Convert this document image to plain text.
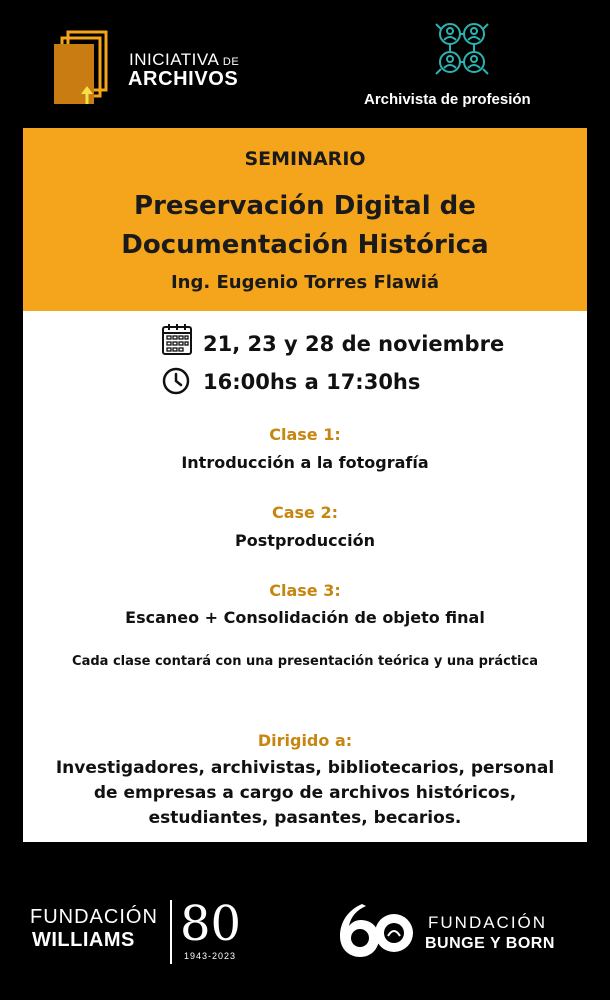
INICIATIVA DE
ARCHIVOS
Archivista de profesión
SEMINARIO
Preservación Digital de
Documentación Histórica
Ing. Eugenio Torres Flawiá
21, 23 y 28 de noviembre
16:00hs a 17:30hs
Clase 1:
Introducción a la fotografía
Case 2:
Postproducción
Clase 3:
Escaneo + Consolidación de objeto final
Cada clase contará con una presentación teórica y una práctica
Dirigido a:
Investigadores, archivistas, bibliotecarios, personal
de empresas a cargo de archivos históricos,
estudiantes, pasantes, becarios.
FUNDACIÓN
WILLIAMS 80
1943-2023
FUNDACIÓN
BUNGE Y BORN
